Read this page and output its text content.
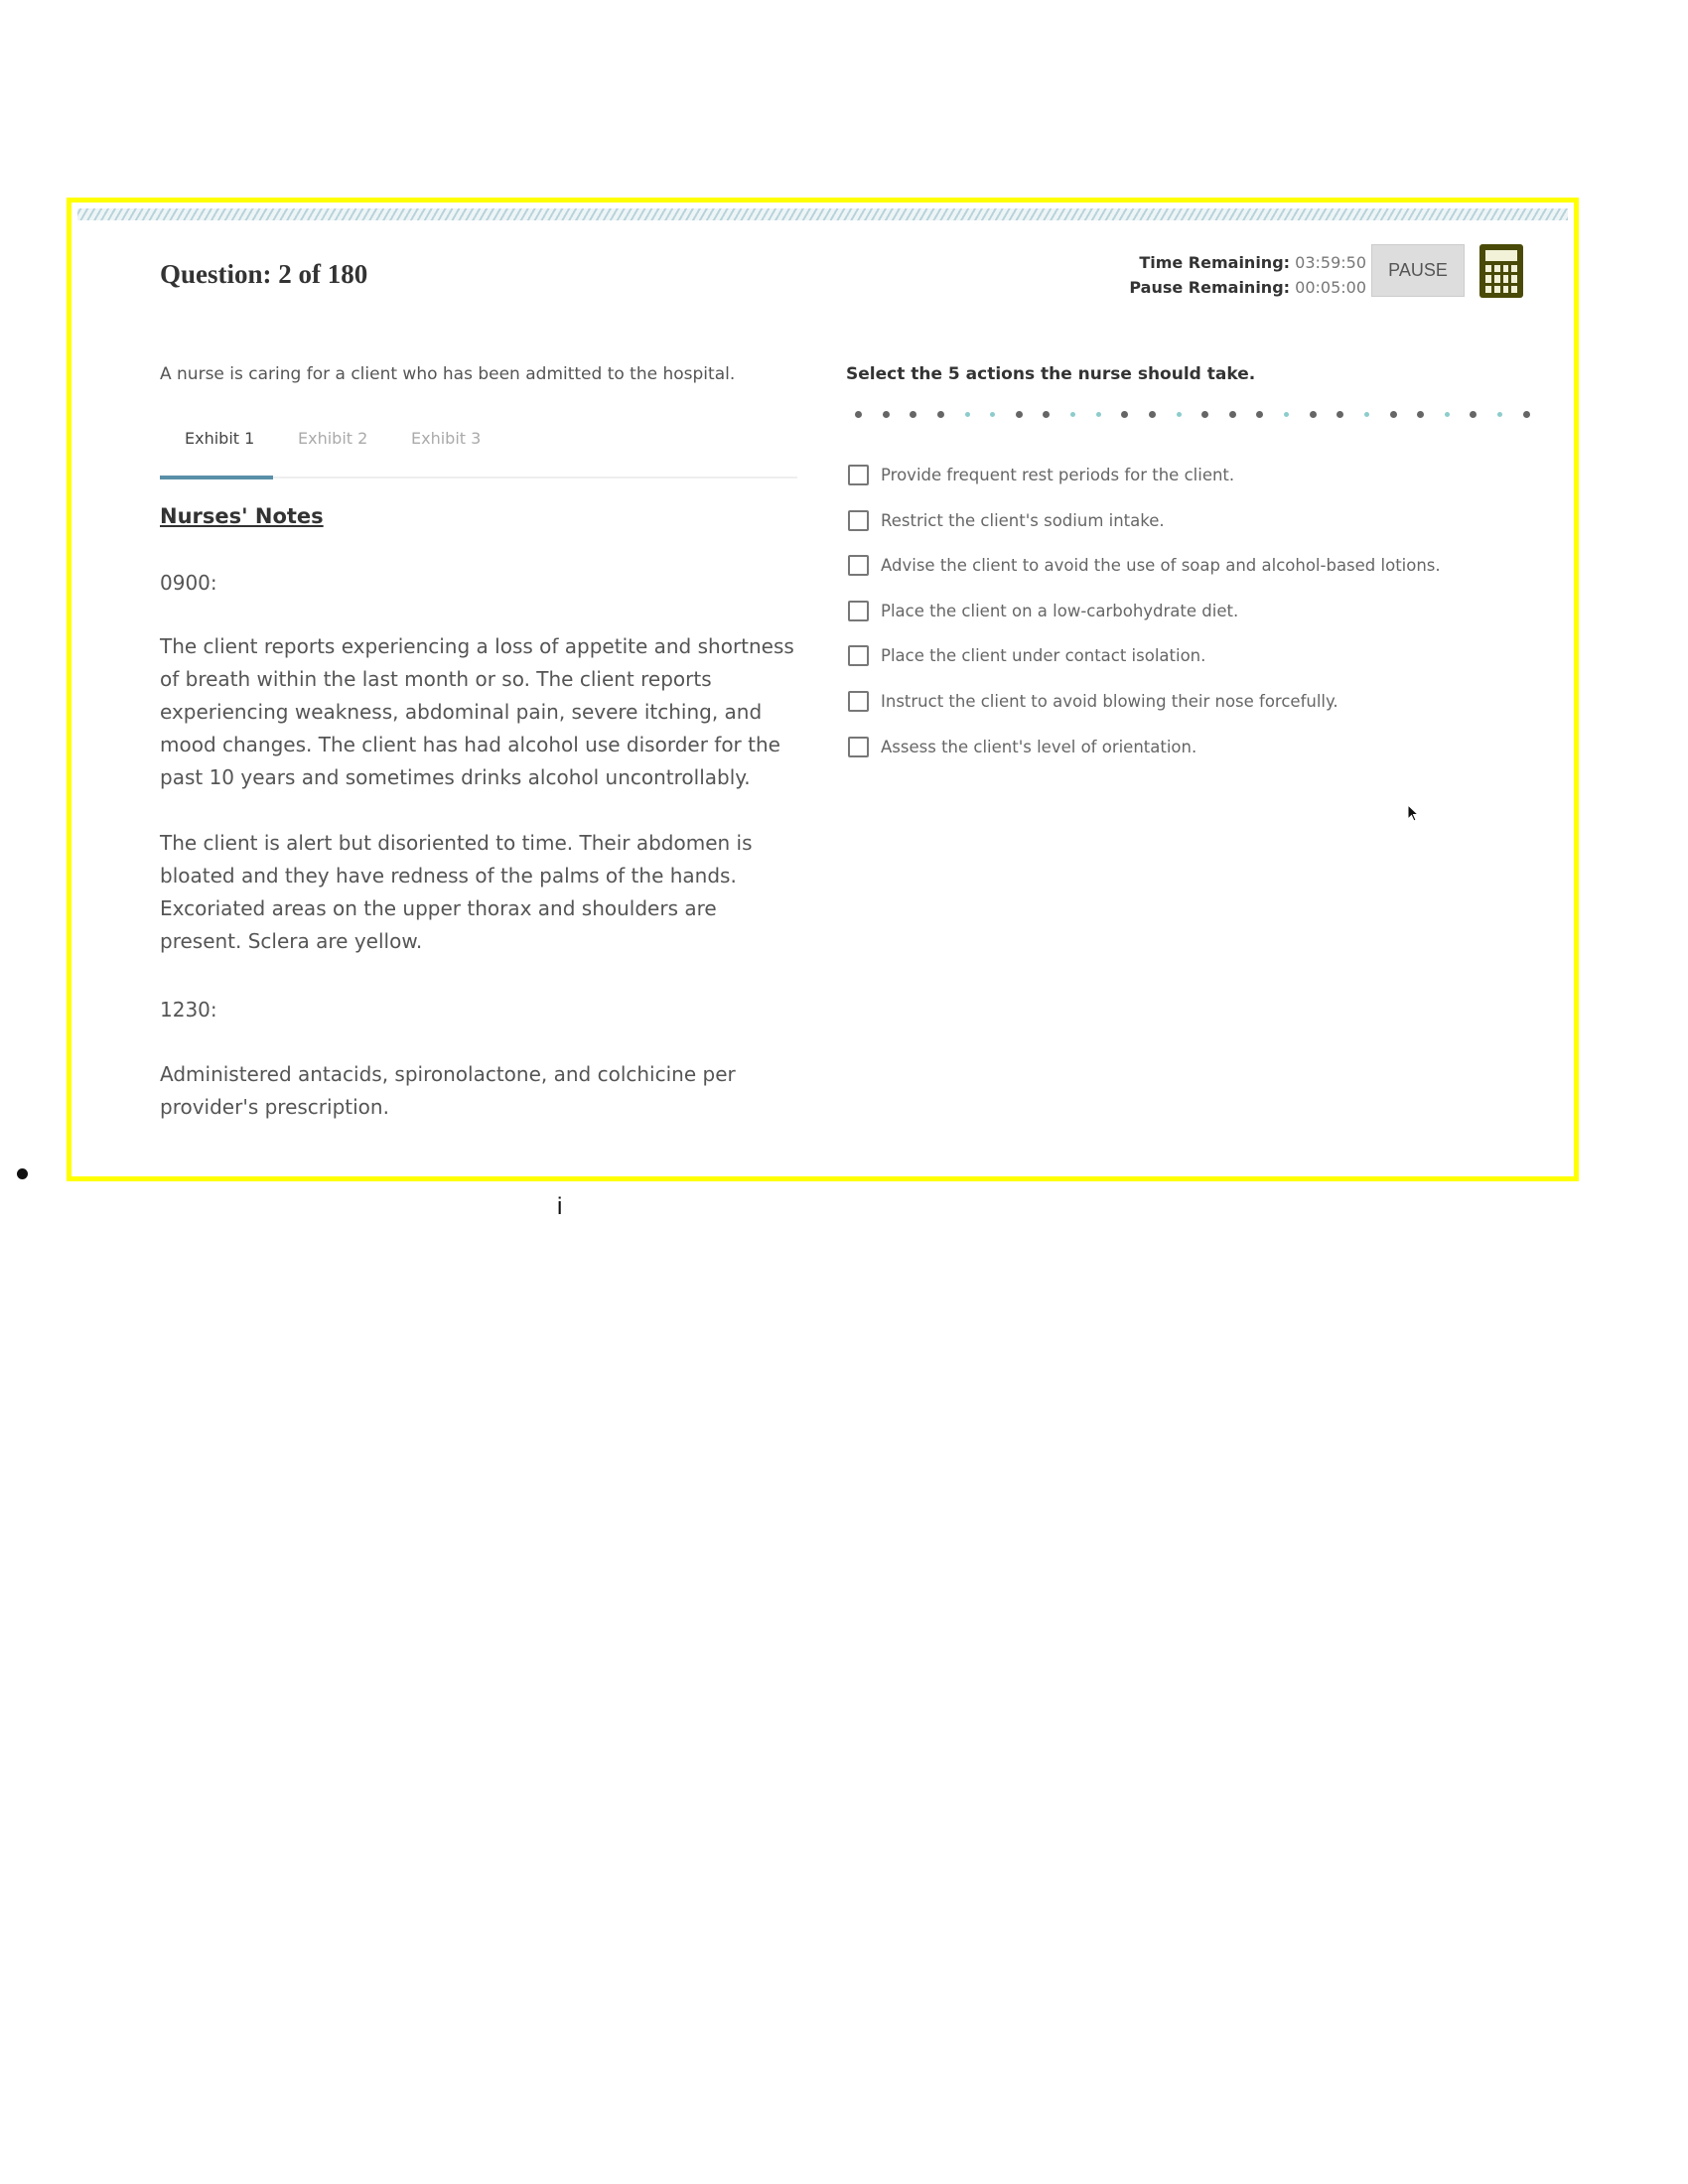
Question: 2 of 180	Time Remaining: 03:59:50
Pause Remaining: 00:05:00
PAUSE
A nurse is caring for a client who has been admitted to the hospital.
Exhibit 1	Exhibit 2	Exhibit 3
Nurses' Notes
0900:
The client reports experiencing a loss of appetite and shortness of breath within the last month or so. The client reports experiencing weakness, abdominal pain, severe itching, and mood changes. The client has had alcohol use disorder for the past 10 years and sometimes drinks alcohol uncontrollably.
The client is alert but disoriented to time. Their abdomen is bloated and they have redness of the palms of the hands. Excoriated areas on the upper thorax and shoulders are present. Sclera are yellow.
1230:
Administered antacids, spironolactone, and colchicine per provider's prescription.
Select the 5 actions the nurse should take.
Provide frequent rest periods for the client.
Restrict the client's sodium intake.
Advise the client to avoid the use of soap and alcohol-based lotions.
Place the client on a low-carbohydrate diet.
Place the client under contact isolation.
Instruct the client to avoid blowing their nose forcefully.
Assess the client's level of orientation.
i
